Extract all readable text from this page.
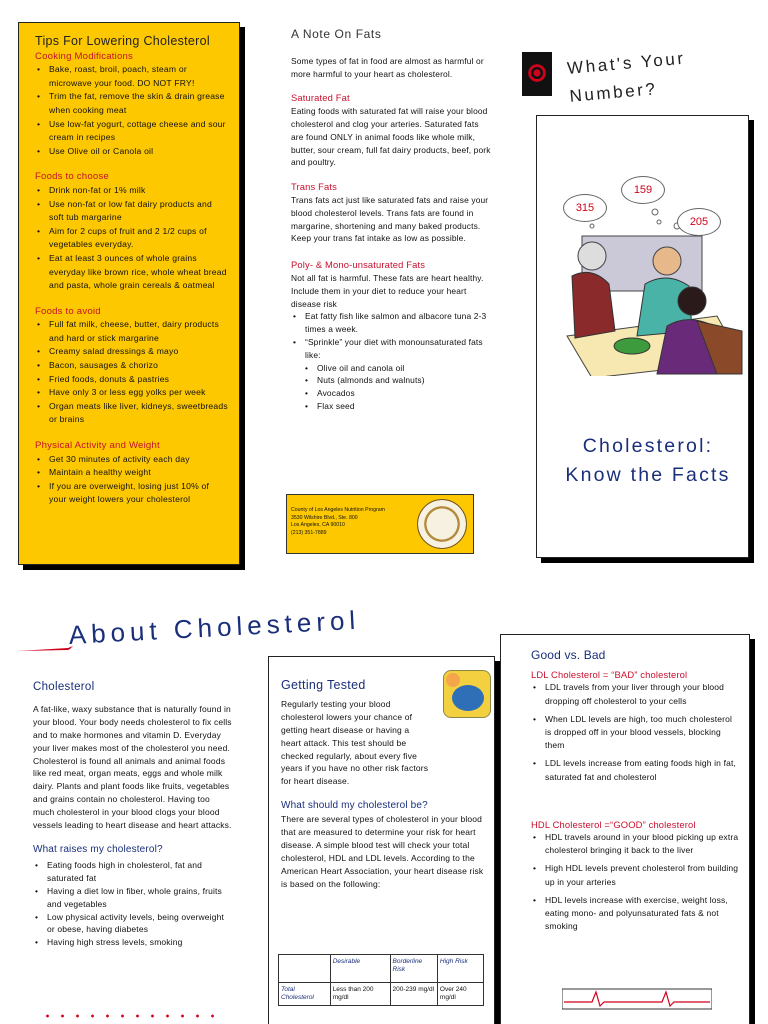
Tips For Lowering Cholesterol
Cooking Modifications
• Bake, roast, broil, poach, steam or microwave your food. DO NOT FRY!
• Trim the fat, remove the skin & drain grease when cooking meat
• Use low-fat yogurt, cottage cheese and sour cream in recipes
• Use Olive oil or Canola oil
Foods to choose
• Drink non-fat or 1% milk
• Use non-fat or low fat dairy products and soft tub margarine
• Aim for 2 cups of fruit and 2 1/2 cups of vegetables everyday.
• Eat at least 3 ounces of whole grains everyday like brown rice, whole wheat bread and pasta, whole grain cereals & oatmeal
Foods to avoid
• Full fat milk, cheese, butter, dairy products and hard or stick margarine
• Creamy salad dressings & mayo
• Bacon, sausages & chorizo
• Fried foods, donuts & pastries
• Have only 3 or less egg yolks per week
• Organ meats like liver, kidneys, sweetbreads or brains
Physical Activity and Weight
• Get 30 minutes of activity each day
• Maintain a healthy weight
• If you are overweight, losing just 10% of your weight lowers your cholesterol
A Note On Fats

Some types of fat in food are almost as harmful or more harmful to your heart as cholesterol.

Saturated Fat

Eating foods with saturated fat will raise your blood cholesterol and clog your arteries. Saturated fats are found ONLY in animal foods like whole milk, butter, sour cream, full fat dairy products, beef, pork and poultry.

Trans Fats

Trans fats act just like saturated fats and raise your blood cholesterol levels. Trans fats are found in margarine, shortening and many baked products. Keep your trans fat intake as low as possible.

Poly- & Mono-unsaturated Fats

Not all fat is harmful. These fats are heart healthy. Include them in your diet to reduce your heart disease risk

• Eat fatty fish like salmon and albacore tuna 2-3 times a week.
• “Sprinkle” your diet with monounsaturated fats like:
• Olive oil and canola oil
• Nuts (almonds and walnuts)
• Avocados
• Flax seed
County of Los Angeles Nutrition Program
3530 Wilshire Blvd., Ste. 800
Los Angeles, CA 90010
(213) 351-7889
What's Your
Number?
315
159
205
Cholesterol:
Know the Facts
About Cholesterol
Cholesterol

A fat-like, waxy substance that is naturally found in your blood. Your body needs cholesterol to fix cells and to make hormones and vitamin D. Everyday your liver makes most of the cholesterol you need. Cholesterol is found all animals and animal foods like red meat, organ meats, eggs and whole milk dairy. Plants and plant foods like fruits, vegetables and grains contain no cholesterol. Having too much cholesterol in your blood clogs your blood vessels leading to heart disease and heart attacks.

What raises my cholesterol?
• Eating foods high in cholesterol, fat and saturated fat
• Having a diet low in fiber, whole grains, fruits and vegetables
• Low physical activity levels, being overweight or obese, having diabetes
• Having high stress levels, smoking
Getting Tested

Regularly testing your blood cholesterol lowers your chance of getting heart disease or having a heart attack. This test should be checked regularly, about every five years if you have no other risk factors for heart disease.

What should my cholesterol be?

There are several types of cholesterol in your blood that are measured to determine your risk for heart disease. A simple blood test will check your total cholesterol, HDL and LDL levels. According to the American Heart Association, your heart disease risk is based on the following:

	Desirable	Borderline Risk	High Risk
Total Cholesterol	Less than 200 mg/dl	200-239 mg/dl	Over 240 mg/dl
Good vs. Bad
LDL Cholesterol = “BAD” cholesterol
• LDL travels from your liver through your blood dropping off cholesterol to your cells
• When LDL levels are high, too much cholesterol is dropped off in your blood vessels, blocking them
• LDL levels increase from eating foods high in fat, saturated fat and cholesterol
HDL Cholesterol =“GOOD” cholesterol
• HDL travels around in your blood picking up extra cholesterol bringing it back to the liver
• High HDL levels prevent cholesterol from building up in your arteries
• HDL levels increase with exercise, weight loss, eating mono- and polyunsaturated fats & not smoking
